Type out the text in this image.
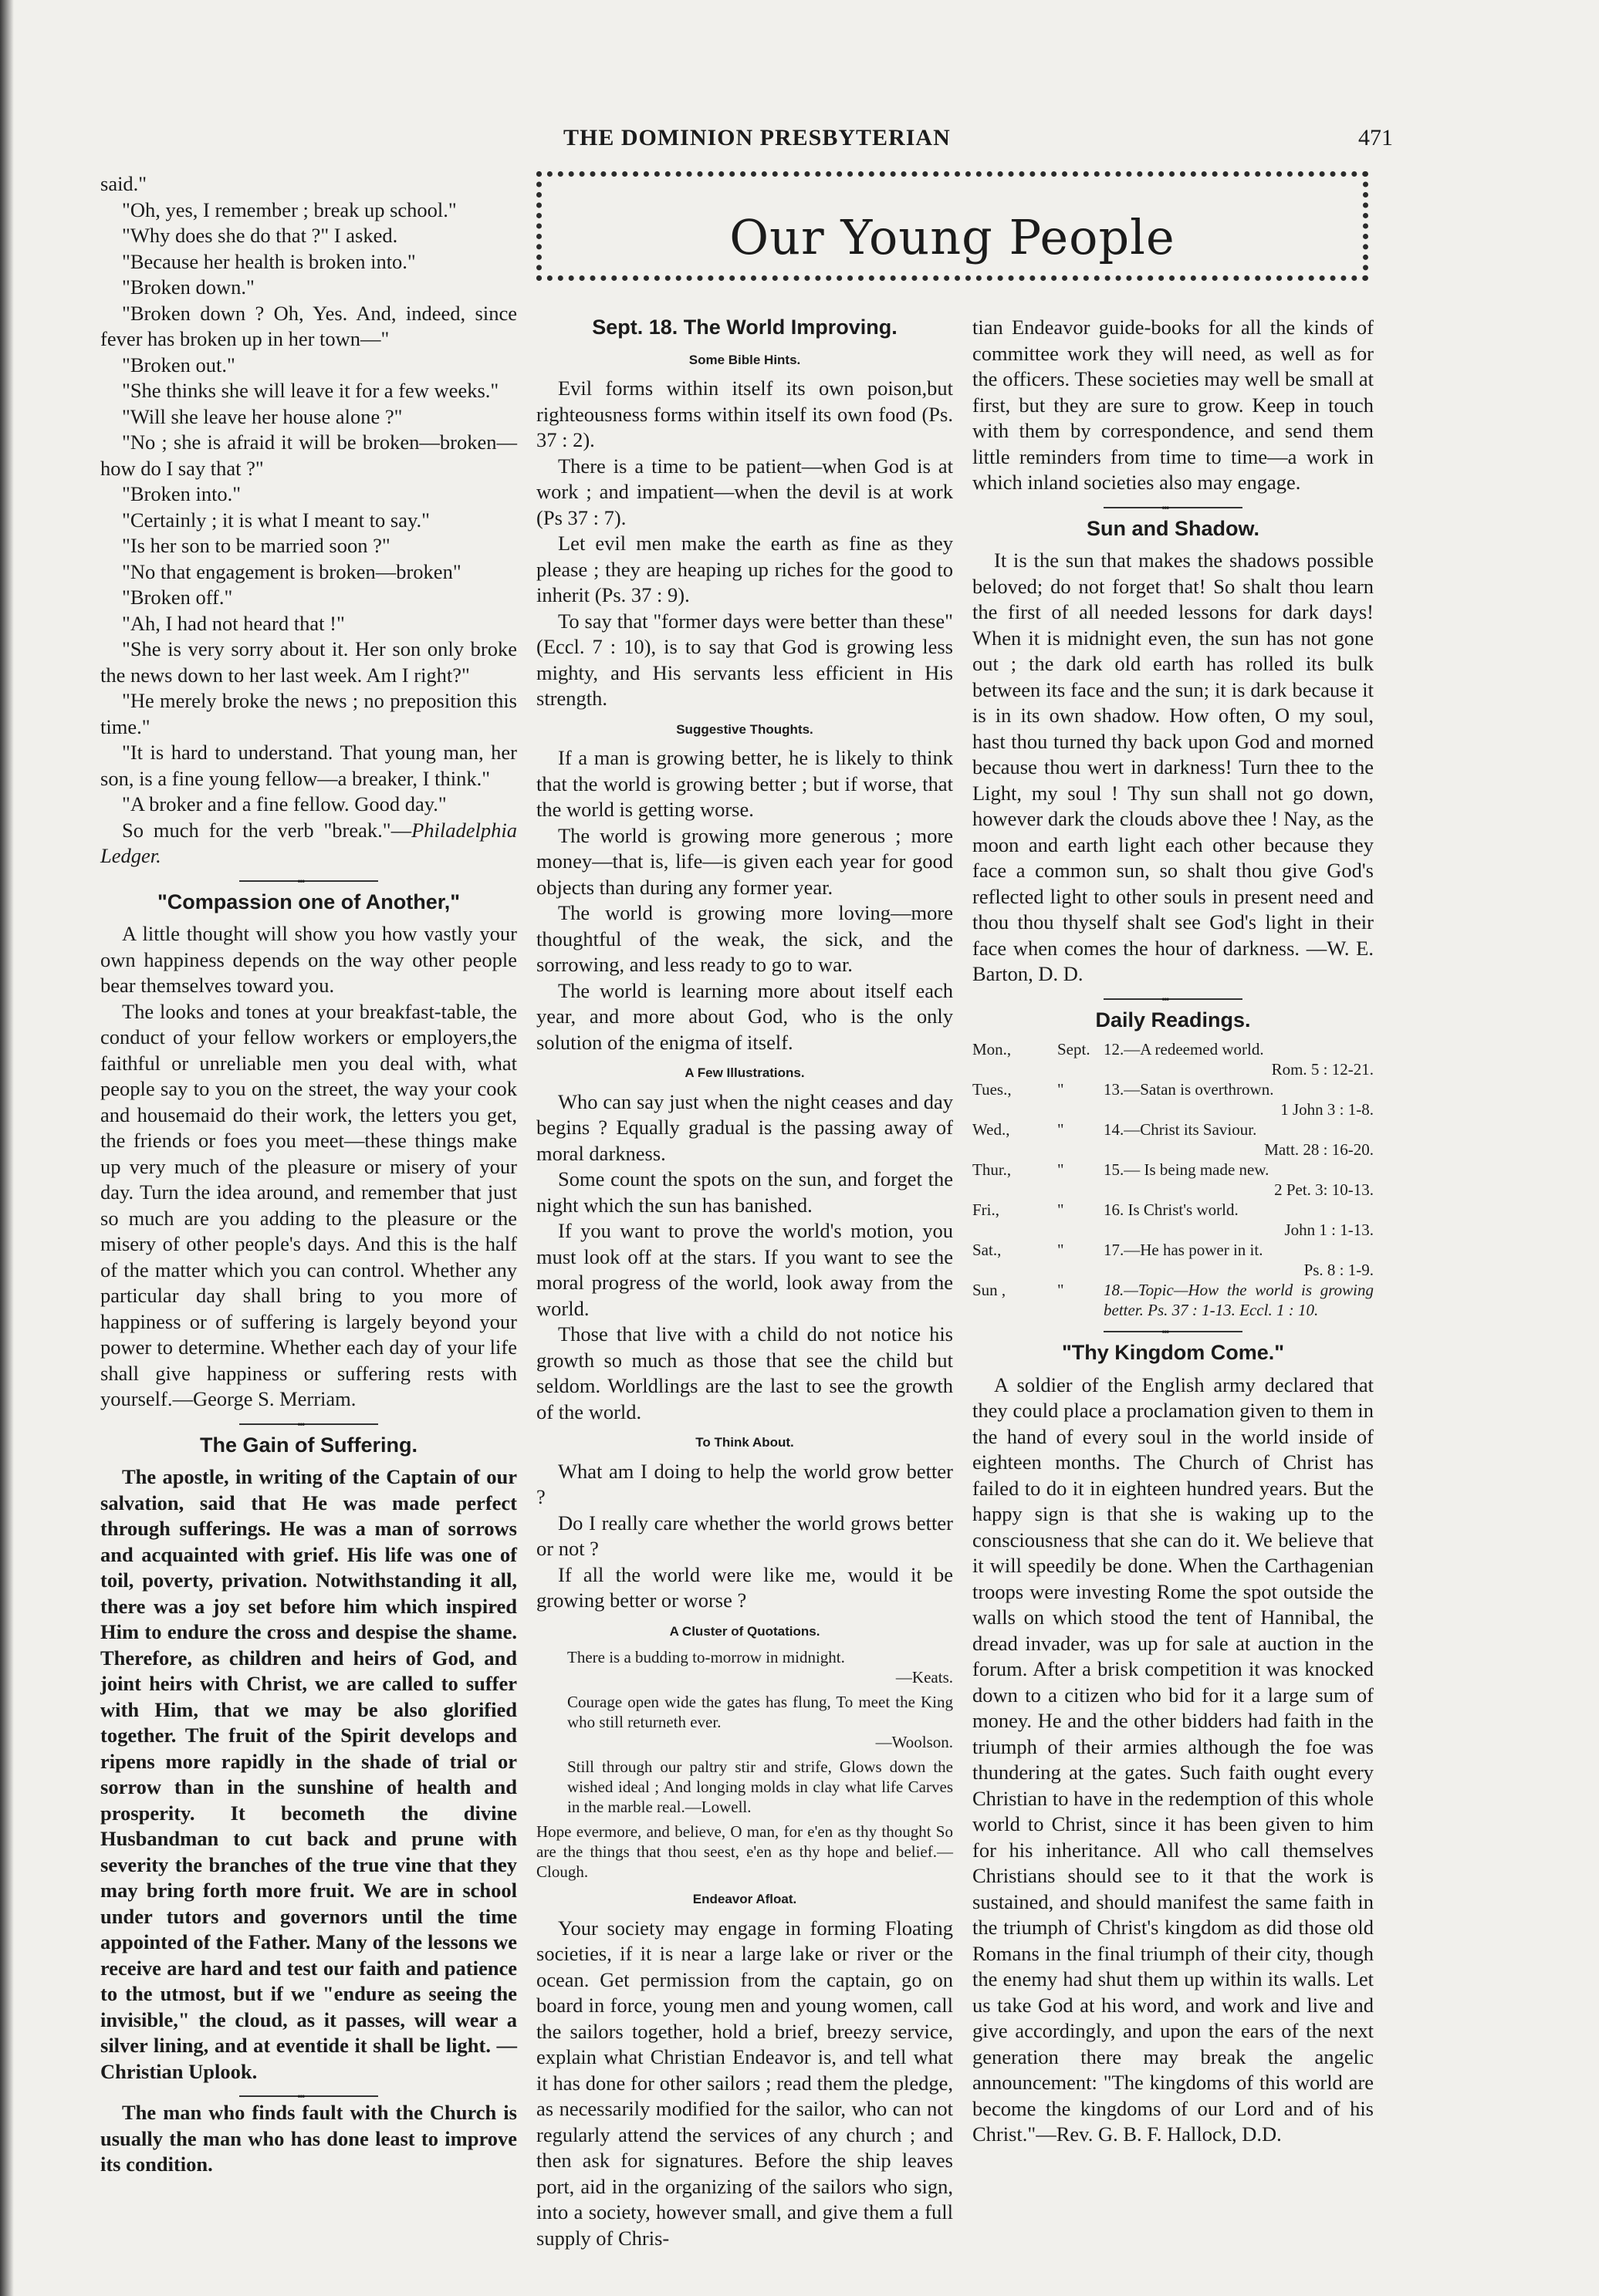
THE DOMINION PRESBYTERIAN	471
Our Young People

said."

"Oh, yes, I remember ; break up school."

"Why does she do that ?" I asked.

"Because her health is broken into."

"Broken down."

"Broken down ? Oh, Yes. And, indeed, since fever has broken up in her town—"

"Broken out."

"She thinks she will leave it for a few weeks."

"Will she leave her house alone ?"

"No ; she is afraid it will be broken—broken—how do I say that ?"

"Broken into."

"Certainly ; it is what I meant to say."

"Is her son to be married soon ?"

"No that engagement is broken—broken"

"Broken off."

"Ah, I had not heard that !"

"She is very sorry about it. Her son only broke the news down to her last week. Am I right?"

"He merely broke the news ; no preposition this time."

"It is hard to understand. That young man, her son, is a fine young fellow—a breaker, I think."

"A broker and a fine fellow. Good day."

So much for the verb "break."—Philadelphia Ledger.

•••
"Compassion one of Another,"

A little thought will show you how vastly your own happiness depends on the way other people bear themselves toward you.

The looks and tones at your breakfast-table, the conduct of your fellow workers or employers,the faithful or unreliable men you deal with, what people say to you on the street, the way your cook and housemaid do their work, the letters you get, the friends or foes you meet—these things make up very much of the pleasure or misery of your day. Turn the idea around, and remember that just so much are you adding to the pleasure or the misery of other people's days. And this is the half of the matter which you can control. Whether any particular day shall bring to you more of happiness or of suffering is largely beyond your power to determine. Whether each day of your life shall give happiness or suffering rests with yourself.—George S. Merriam.

•••
The Gain of Suffering.

The apostle, in writing of the Captain of our salvation, said that He was made perfect through sufferings. He was a man of sorrows and acquainted with grief. His life was one of toil, poverty, privation. Notwithstanding it all, there was a joy set before him which inspired Him to endure the cross and despise the shame. Therefore, as children and heirs of God, and joint heirs with Christ, we are called to suffer with Him, that we may be also glorified together. The fruit of the Spirit develops and ripens more rapidly in the shade of trial or sorrow than in the sunshine of health and prosperity. It becometh the divine Husbandman to cut back and prune with severity the branches of the true vine that they may bring forth more fruit. We are in school under tutors and governors until the time appointed of the Father. Many of the lessons we receive are hard and test our faith and patience to the utmost, but if we "endure as seeing the invisible," the cloud, as it passes, will wear a silver lining, and at eventide it shall be light. —Christian Uplook.

•••

The man who finds fault with the Church is usually the man who has done least to improve its condition.

Sept. 18. The World Improving.
Some Bible Hints.

Evil forms within itself its own poison,but righteousness forms within itself its own food (Ps. 37 : 2).

There is a time to be patient—when God is at work ; and impatient—when the devil is at work (Ps 37 : 7).

Let evil men make the earth as fine as they please ; they are heaping up riches for the good to inherit (Ps. 37 : 9).

To say that "former days were better than these" (Eccl. 7 : 10), is to say that God is growing less mighty, and His servants less efficient in His strength.

Suggestive Thoughts.

If a man is growing better, he is likely to think that the world is growing better ; but if worse, that the world is getting worse.

The world is growing more generous ; more money—that is, life—is given each year for good objects than during any former year.

The world is growing more loving—more thoughtful of the weak, the sick, and the sorrowing, and less ready to go to war.

The world is learning more about itself each year, and more about God, who is the only solution of the enigma of itself.

A Few Illustrations.

Who can say just when the night ceases and day begins ? Equally gradual is the passing away of moral darkness.

Some count the spots on the sun, and forget the night which the sun has banished.

If you want to prove the world's motion, you must look off at the stars. If you want to see the moral progress of the world, look away from the world.

Those that live with a child do not notice his growth so much as those that see the child but seldom. Worldlings are the last to see the growth of the world.

To Think About.

What am I doing to help the world grow better ?

Do I really care whether the world grows better or not ?

If all the world were like me, would it be growing better or worse ?

A Cluster of Quotations.
There is a budding to-morrow in midnight.
—Keats.
Courage open wide the gates has flung, To meet the King who still returneth ever.
—Woolson.
Still through our paltry stir and strife, Glows down the wished ideal ; And longing molds in clay what life Carves in the marble real.—Lowell.
Hope evermore, and believe, O man, for e'en as thy thought So are the things that thou seest, e'en as thy hope and belief.—Clough.
Endeavor Afloat.

Your society may engage in forming Floating societies, if it is near a large lake or river or the ocean. Get permission from the captain, go on board in force, young men and young women, call the sailors together, hold a brief, breezy service, explain what Christian Endeavor is, and tell what it has done for other sailors ; read them the pledge, as necessarily modified for the sailor, who can not regularly attend the services of any church ; and then ask for signatures. Before the ship leaves port, aid in the organizing of the sailors who sign, into a society, however small, and give them a full supply of Chris-

tian Endeavor guide-books for all the kinds of committee work they will need, as well as for the officers. These societies may well be small at first, but they are sure to grow. Keep in touch with them by correspondence, and send them little reminders from time to time—a work in which inland societies also may engage.

•••
Sun and Shadow.

It is the sun that makes the shadows possible beloved; do not forget that! So shalt thou learn the first of all needed lessons for dark days! When it is midnight even, the sun has not gone out ; the dark old earth has rolled its bulk between its face and the sun; it is dark because it is in its own shadow. How often, O my soul, hast thou turned thy back upon God and morned because thou wert in darkness! Turn thee to the Light, my soul ! Thy sun shall not go down, however dark the clouds above thee ! Nay, as the moon and earth light each other because they face a common sun, so shalt thou give God's reflected light to other souls in present need and thou thou thyself shalt see God's light in their face when comes the hour of darkness. —W. E. Barton, D. D.

•••
Daily Readings.
Mon.,	Sept. 12.—A redeemed world.
Rom. 5 : 12-21.
Tues.,	"	13.—Satan is overthrown.
1 John 3 : 1-8.
Wed.,	"	14.—Christ its Saviour.
Matt. 28 : 16-20.
Thur.,	"	15.— Is being made new.
2 Pet. 3: 10-13.
Fri.,	"	16. Is Christ's world.
John 1 : 1-13.
Sat.,	"	17.—He has power in it.
Ps. 8 : 1-9.
Sun ,	"	18.—Topic—How the world is growing better. Ps. 37 : 1-13. Eccl. 1 : 10.
•••
"Thy Kingdom Come."

A soldier of the English army declared that they could place a proclamation given to them in the hand of every soul in the world inside of eighteen months. The Church of Christ has failed to do it in eighteen hundred years. But the happy sign is that she is waking up to the consciousness that she can do it. We believe that it will speedily be done. When the Carthagenian troops were investing Rome the spot outside the walls on which stood the tent of Hannibal, the dread invader, was up for sale at auction in the forum. After a brisk competition it was knocked down to a citizen who bid for it a large sum of money. He and the other bidders had faith in the triumph of their armies although the foe was thundering at the gates. Such faith ought every Christian to have in the redemption of this whole world to Christ, since it has been given to him for his inheritance. All who call themselves Christians should see to it that the work is sustained, and should manifest the same faith in the triumph of Christ's kingdom as did those old Romans in the final triumph of their city, though the enemy had shut them up within its walls. Let us take God at his word, and work and live and give accordingly, and upon the ears of the next generation there may break the angelic announcement: "The kingdoms of this world are become the kingdoms of our Lord and of his Christ."—Rev. G. B. F. Hallock, D.D.
